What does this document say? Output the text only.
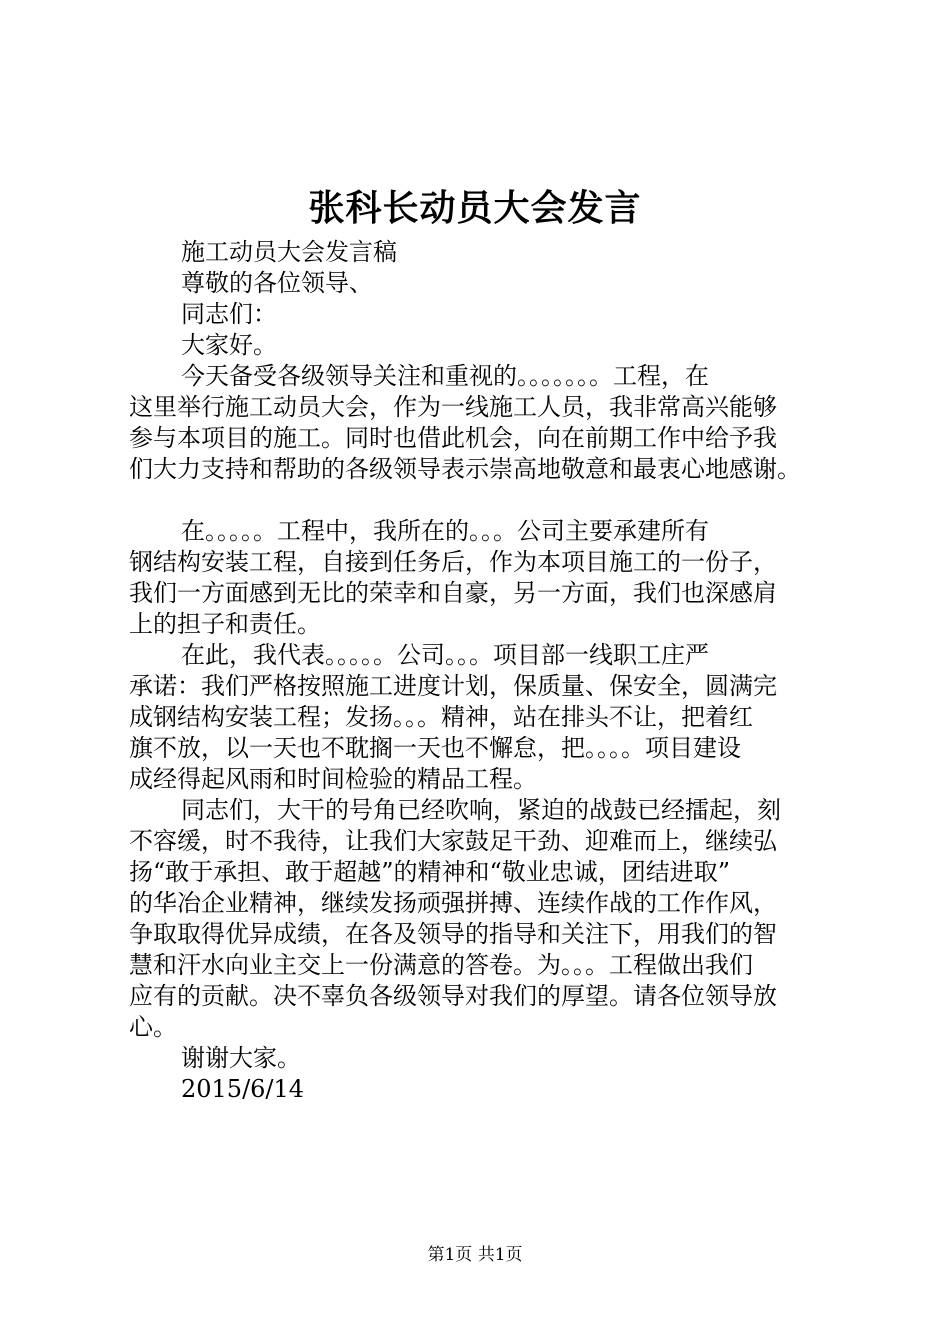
张科长动员大会发言
施工动员大会发言稿
尊敬的各位领导、
同志们：
大家好。
今天备受各级领导关注和重视的。。。。。。。工程，在
这里举行施工动员大会，作为一线施工人员，我非常高兴能够
参与本项目的施工。同时也借此机会，向在前期工作中给予我
们大力支持和帮助的各级领导表示崇高地敬意和最衷心地感谢。
在。。。。。工程中，我所在的。。。公司主要承建所有
钢结构安装工程，自接到任务后，作为本项目施工的一份子，
我们一方面感到无比的荣幸和自豪，另一方面，我们也深感肩
上的担子和责任。
在此，我代表。。。。。公司。。。项目部一线职工庄严
承诺：我们严格按照施工进度计划，保质量、保安全，圆满完
成钢结构安装工程；发扬。。。精神，站在排头不让，把着红
旗不放，以一天也不耽搁一天也不懈怠，把。。。。项目建设
成经得起风雨和时间检验的精品工程。
同志们，大干的号角已经吹响，紧迫的战鼓已经擂起，刻
不容缓，时不我待，让我们大家鼓足干劲、迎难而上，继续弘
扬“敢于承担、敢于超越”的精神和“敬业忠诚，团结进取”
的华冶企业精神，继续发扬顽强拼搏、连续作战的工作作风，
争取取得优异成绩，在各及领导的指导和关注下，用我们的智
慧和汗水向业主交上一份满意的答卷。为。。。工程做出我们
应有的贡献。决不辜负各级领导对我们的厚望。请各位领导放
心。
谢谢大家。
2015/6/14
第1页 共1页
